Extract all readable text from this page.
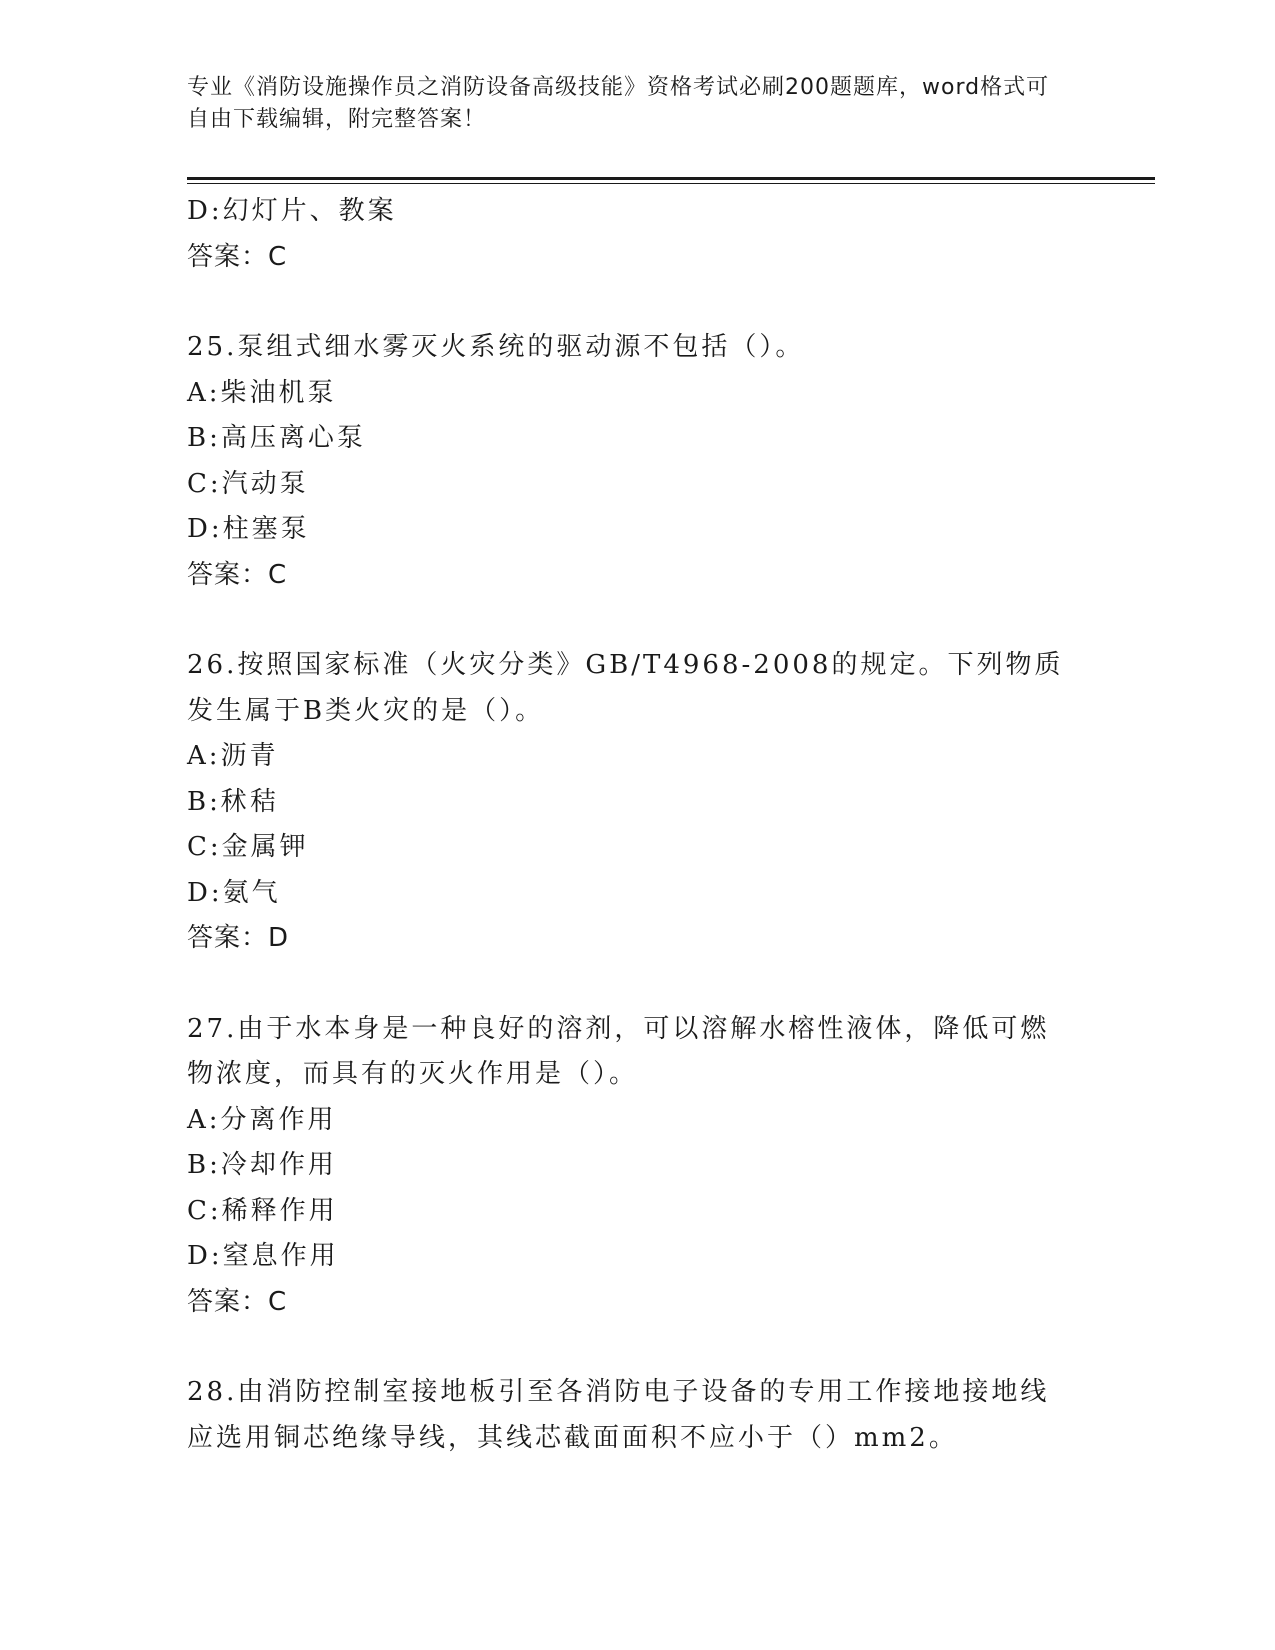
专业《消防设施操作员之消防设备高级技能》资格考试必刷200题题库，word格式可自由下载编辑，附完整答案！
D:幻灯片、教案
答案：C
25.泵组式细水雾灭火系统的驱动源不包括（）。
A:柴油机泵
B:高压离心泵
C:汽动泵
D:柱塞泵
答案：C
26.按照国家标准（火灾分类》GB/T4968-2008的规定。下列物质发生属于B类火灾的是（）。
A:沥青
B:秫秸
C:金属钾
D:氨气
答案：D
27.由于水本身是一种良好的溶剂，可以溶解水榕性液体，降低可燃物浓度，而具有的灭火作用是（）。
A:分离作用
B:冷却作用
C:稀释作用
D:窒息作用
答案：C
28.由消防控制室接地板引至各消防电子设备的专用工作接地接地线应选用铜芯绝缘导线，其线芯截面面积不应小于（）mm2。
